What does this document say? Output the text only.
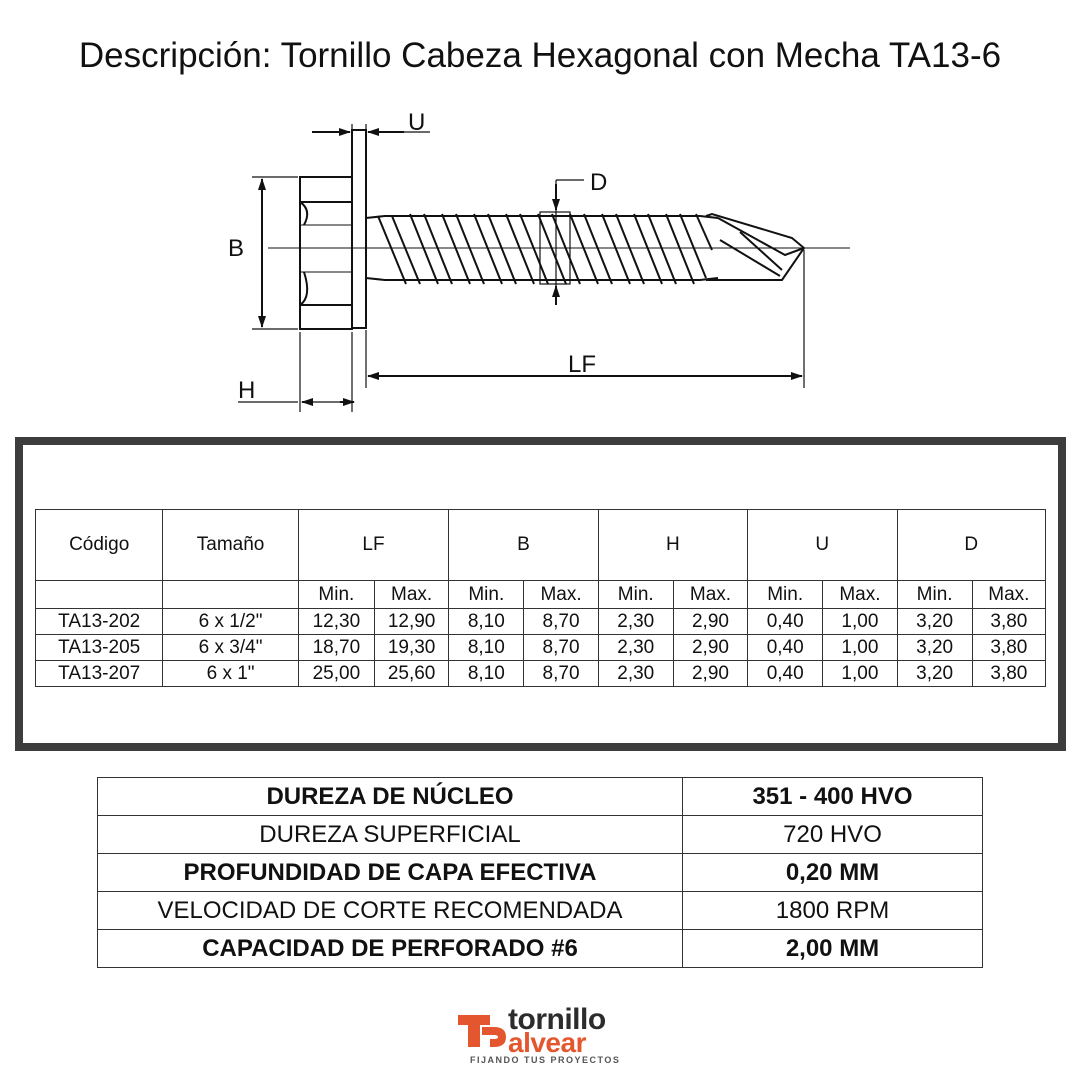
Descripción: Tornillo Cabeza Hexagonal con Mecha TA13-6
U
D
B
LF
H
Código	Tamaño	LF		B		H		U		D	
		Min.	Max.	Min.	Max.	Min.	Max.	Min.	Max.	Min.	Max.
TA13-202	6 x 1/2"	12,30	12,90	8,10	8,70	2,30	2,90	0,40	1,00	3,20	3,80
TA13-205	6 x 3/4"	18,70	19,30	8,10	8,70	2,30	2,90	0,40	1,00	3,20	3,80
TA13-207	6 x 1"	25,00	25,60	8,10	8,70	2,30	2,90	0,40	1,00	3,20	3,80
DUREZA DE NÚCLEO	351 - 400 HVO
DUREZA SUPERFICIAL	720 HVO
PROFUNDIDAD DE CAPA EFECTIVA	0,20 MM
VELOCIDAD DE CORTE RECOMENDADA	1800 RPM
CAPACIDAD DE PERFORADO #6	2,00 MM
tornillo
alvear
FIJANDO TUS PROYECTOS
